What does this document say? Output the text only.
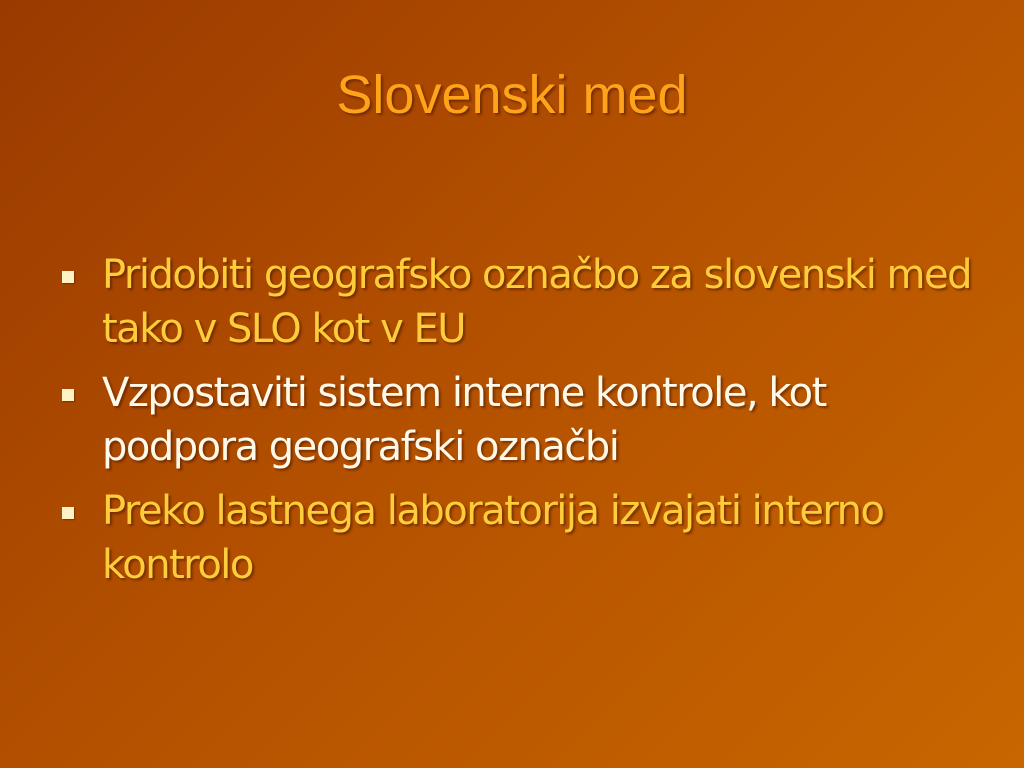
Slovenski med
Pridobiti geografsko označbo za slovenski med tako v SLO kot v EU
Vzpostaviti sistem interne kontrole, kot podpora geografski označbi
Preko lastnega laboratorija izvajati interno kontrolo
